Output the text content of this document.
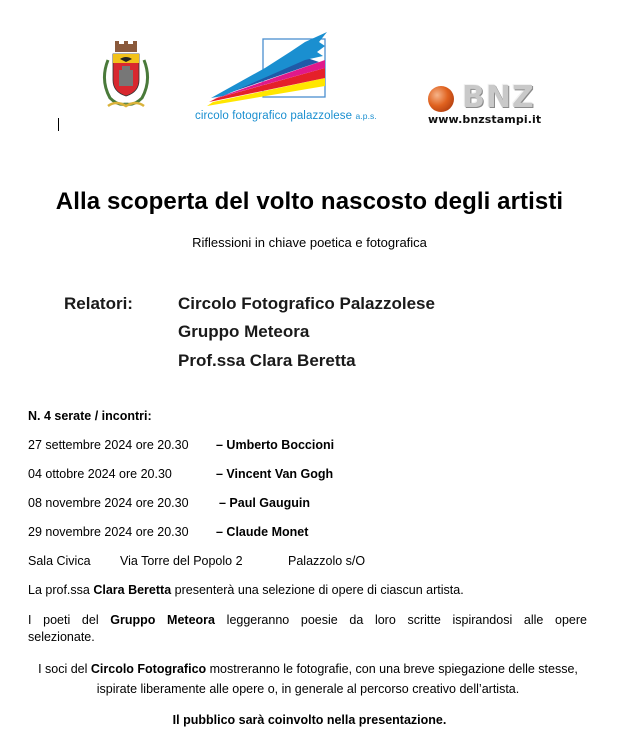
circolo fotografico palazzolese a.p.s.
BNZ
www.bnzstampi.it
Alla scoperta del volto nascosto degli artisti
Riflessioni in chiave poetica e fotografica
Relatori:	Circolo Fotografico Palazzolese
Gruppo Meteora
Prof.ssa Clara Beretta
N. 4 serate / incontri:
27 settembre 2024 ore 20.30 – Umberto Boccioni
04 ottobre 2024 ore 20.30	– Vincent Van Gogh
08 novembre 2024 ore 20.30 – Paul Gauguin
29 novembre 2024 ore 20.30 – Claude Monet
Sala Civica Via Torre del Popolo 2	Palazzolo s/O
La prof.ssa Clara Beretta presenterà una selezione di opere di ciascun artista.
I poeti del Gruppo Meteora leggeranno poesie da loro scritte ispirandosi alle opere selezionate.
I soci del Circolo Fotografico mostreranno le fotografie, con una breve spiegazione delle stesse, ispirate liberamente alle opere o, in generale al percorso creativo dell’artista.
Il pubblico sarà coinvolto nella presentazione.
